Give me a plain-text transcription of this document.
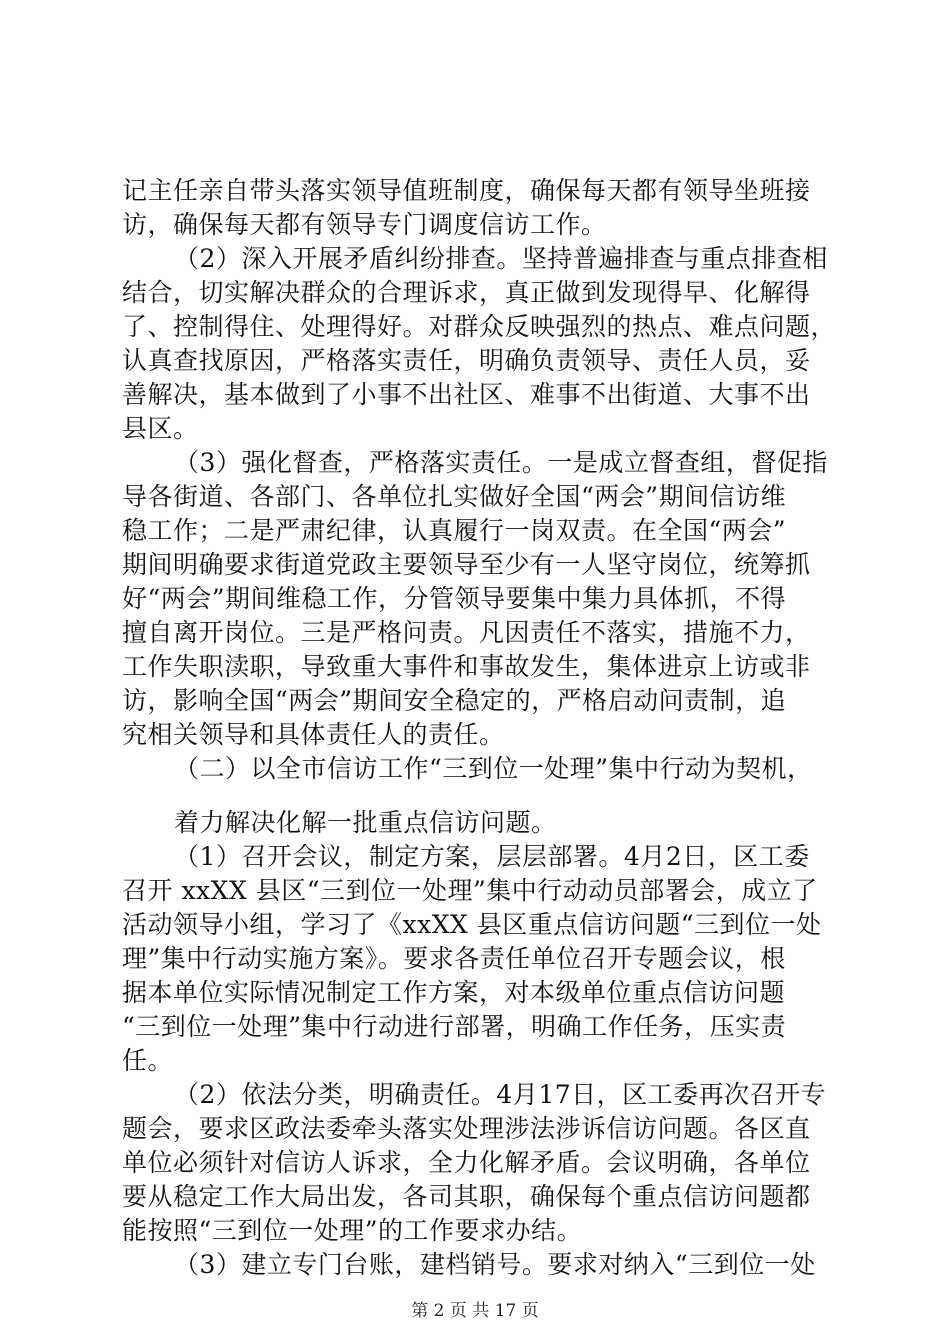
记主任亲自带头落实领导值班制度，确保每天都有领导坐班接
访，确保每天都有领导专门调度信访工作。
（2）深入开展矛盾纠纷排查。坚持普遍排查与重点排查相
结合，切实解决群众的合理诉求，真正做到发现得早、化解得
了、控制得住、处理得好。对群众反映强烈的热点、难点问题，
认真查找原因，严格落实责任，明确负责领导、责任人员，妥
善解决，基本做到了小事不出社区、难事不出街道、大事不出
县区。
（3）强化督查，严格落实责任。一是成立督查组，督促指
导各街道、各部门、各单位扎实做好全国“两会”期间信访维
稳工作；二是严肃纪律，认真履行一岗双责。在全国“两会”
期间明确要求街道党政主要领导至少有一人坚守岗位，统筹抓
好“两会”期间维稳工作，分管领导要集中集力具体抓，不得
擅自离开岗位。三是严格问责。凡因责任不落实，措施不力，
工作失职渎职，导致重大事件和事故发生，集体进京上访或非
访，影响全国“两会”期间安全稳定的，严格启动问责制，追
究相关领导和具体责任人的责任。
（二）以全市信访工作“三到位一处理”集中行动为契机，
着力解决化解一批重点信访问题。
（1）召开会议，制定方案，层层部署。4月2日，区工委
召开 xxXX 县区“三到位一处理”集中行动动员部署会，成立了
活动领导小组，学习了《xxXX 县区重点信访问题“三到位一处
理”集中行动实施方案》。要求各责任单位召开专题会议，根
据本单位实际情况制定工作方案，对本级单位重点信访问题
“三到位一处理”集中行动进行部署，明确工作任务，压实责
任。
（2）依法分类，明确责任。4月17日，区工委再次召开专
题会，要求区政法委牵头落实处理涉法涉诉信访问题。各区直
单位必须针对信访人诉求，全力化解矛盾。会议明确，各单位
要从稳定工作大局出发，各司其职，确保每个重点信访问题都
能按照“三到位一处理”的工作要求办结。
（3）建立专门台账，建档销号。要求对纳入“三到位一处
第 2 页 共 17 页
